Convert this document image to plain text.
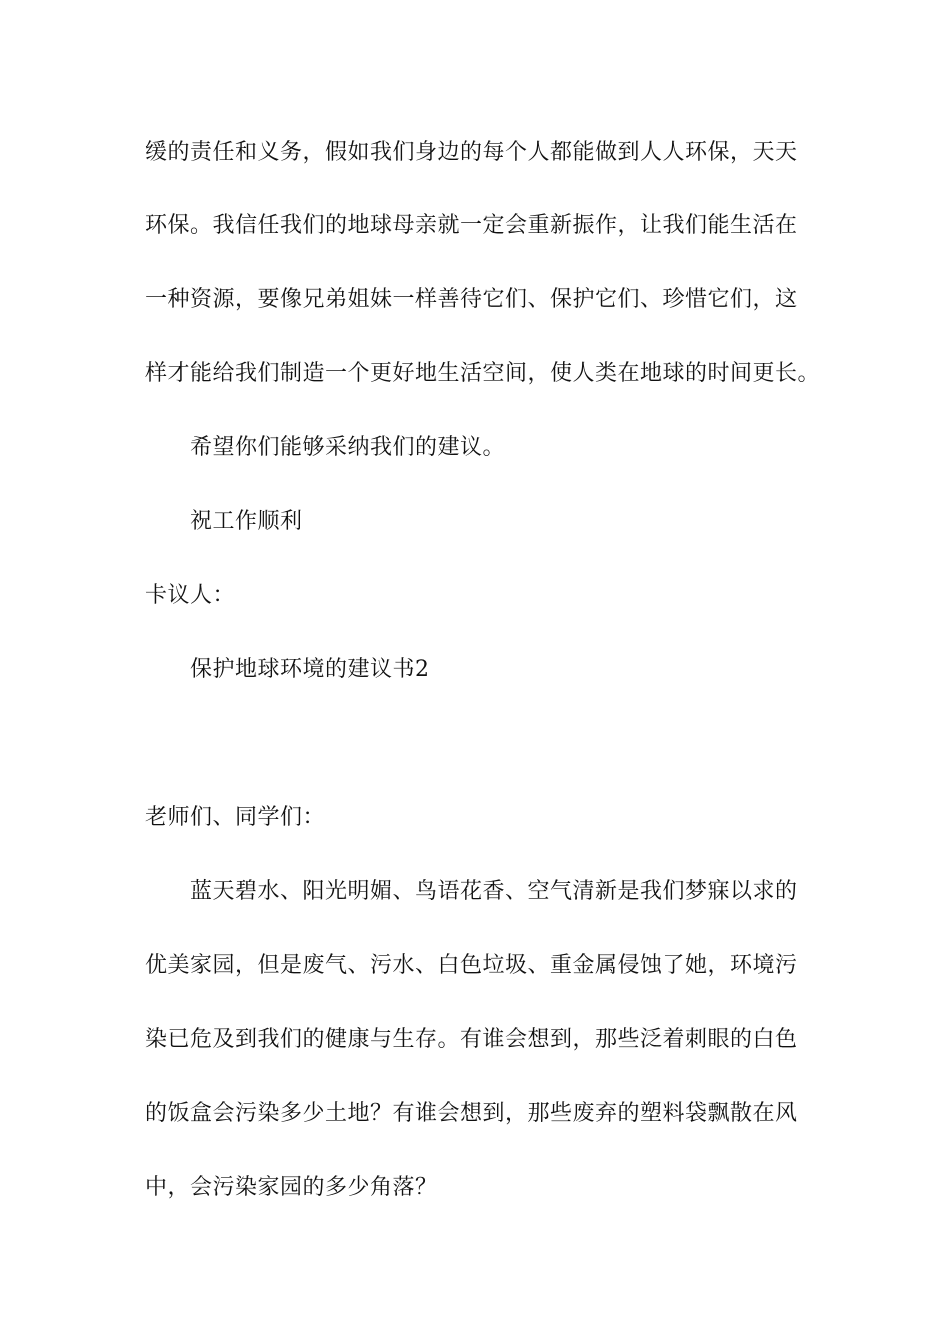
缓的责任和义务，假如我们身边的每个人都能做到人人环保，天天
环保。我信任我们的地球母亲就一定会重新振作，让我们能生活在
一种资源，要像兄弟姐妹一样善待它们、保护它们、珍惜它们，这
样才能给我们制造一个更好地生活空间，使人类在地球的时间更长。
希望你们能够采纳我们的建议。
祝工作顺利
卡议人：
保护地球环境的建议书2
老师们、同学们：
蓝天碧水、阳光明媚、鸟语花香、空气清新是我们梦寐以求的
优美家园，但是废气、污水、白色垃圾、重金属侵蚀了她，环境污
染已危及到我们的健康与生存。有谁会想到，那些泛着刺眼的白色
的饭盒会污染多少土地？有谁会想到，那些废弃的塑料袋飘散在风
中，会污染家园的多少角落？
